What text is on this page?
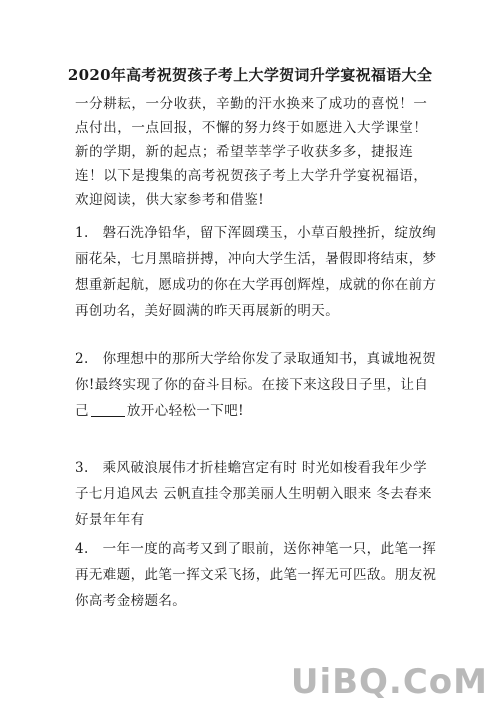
2020年高考祝贺孩子考上大学贺词升学宴祝福语大全

一分耕耘，一分收获，辛勤的汗水换来了成功的喜悦！一点付出，一点回报，不懈的努力终于如愿进入大学课堂！新的学期，新的起点；希望莘莘学子收获多多，捷报连连！以下是搜集的高考祝贺孩子考上大学升学宴祝福语，欢迎阅读，供大家参考和借鉴!

1.　磐石洗净铅华，留下浑圆璞玉，小草百般挫折，绽放绚丽花朵，七月黑暗拼搏，冲向大学生活，暑假即将结束，梦想重新起航，愿成功的你在大学再创辉煌，成就的你在前方再创功名，美好圆满的昨天再展新的明天。

2.　你理想中的那所大学给你发了录取通知书，真诚地祝贺你!最终实现了你的奋斗目标。在接下来这段日子里，让自己	放开心轻松一下吧!

3.　乘风破浪展伟才折桂蟾宫定有时 时光如梭看我年少学子七月追风去 云帆直挂令那美丽人生明朝入眼来 冬去春来好景年年有

4.　一年一度的高考又到了眼前，送你神笔一只，此笔一挥再无难题，此笔一挥文采飞扬，此笔一挥无可匹敌。朋友祝你高考金榜题名。

UiBQ.CoM
